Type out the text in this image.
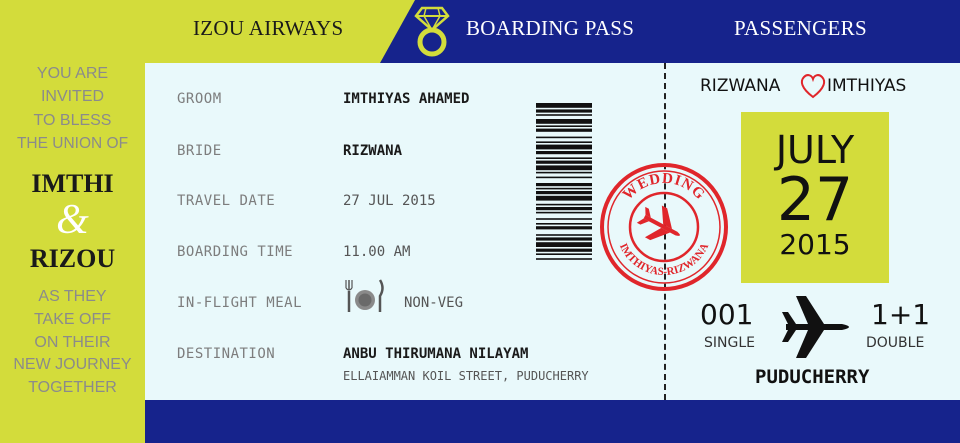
YOU ARE
INVITED
TO BLESS
THE UNION OF
IMTHI
&
RIZOU
AS THEY
TAKE OFF
ON THEIR
NEW JOURNEY
TOGETHER
IZOU AIRWAYS	BOARDING PASS	PASSENGERS
GROOM	IMTHIYAS AHAMED
BRIDE	RIZWANA
TRAVEL DATE	27 JUL 2015
BOARDING TIME	11.00 AM
IN-FLIGHT MEAL	NON-VEG
DESTINATION	ANBU THIRUMANA NILAYAM
ELLAIAMMAN KOIL STREET, PUDUCHERRY
WEDDING
IMTHIYAS-RIZWANA
RIZWANA	IMTHIYAS
JULY
27
2015
001
SINGLE
1+1
DOUBLE
PUDUCHERRY
